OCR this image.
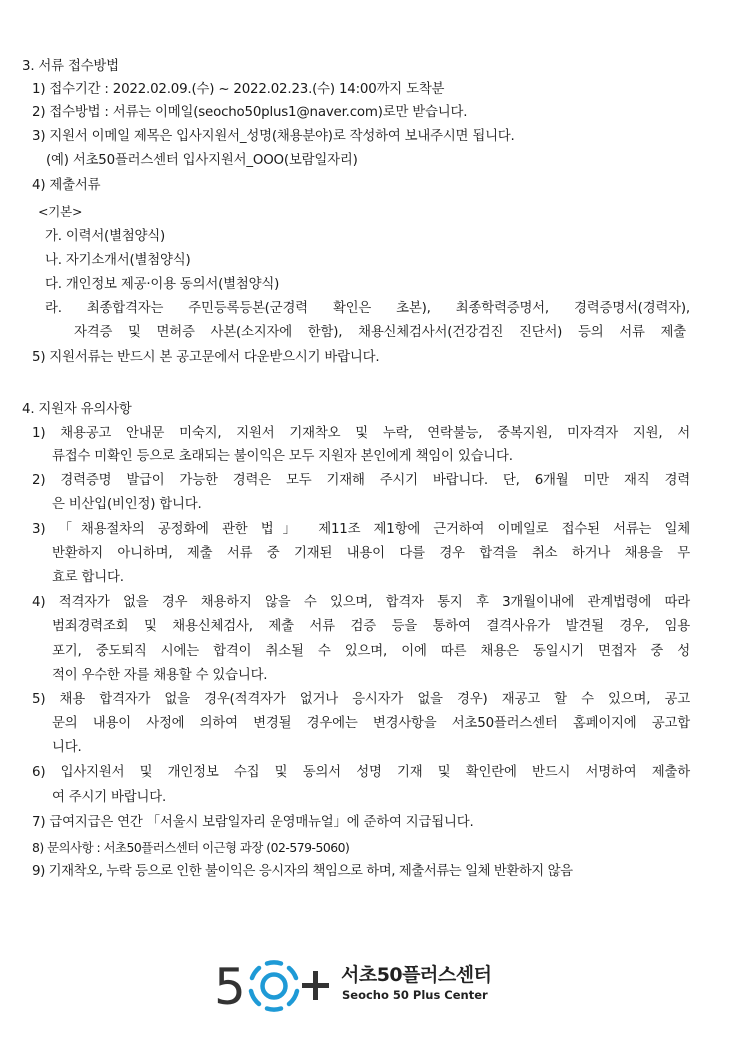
3. 서류 접수방법
1) 접수기간 : 2022.02.09.(수) ~ 2022.02.23.(수) 14:00까지 도착분
2) 접수방법 : 서류는 이메일(seocho50plus1@naver.com)로만 받습니다.
3) 지원서 이메일 제목은 입사지원서_성명(채용분야)로 작성하여 보내주시면 됩니다.
(예) 서초50플러스센터 입사지원서_OOO(보람일자리)
4) 제출서류
<기본>
가. 이력서(별첨양식)
나. 자기소개서(별첨양식)
다. 개인정보 제공·이용 동의서(별첨양식)
라. 최종합격자는 주민등록등본(군경력 확인은 초본), 최종학력증명서, 경력증명서(경력자),
자격증 및 면허증 사본(소지자에 한함), 채용신체검사서(건강검진 진단서) 등의 서류 제출
5) 지원서류는 반드시 본 공고문에서 다운받으시기 바랍니다.
4. 지원자 유의사항
1) 채용공고 안내문 미숙지, 지원서 기재착오 및 누락, 연락불능, 중복지원, 미자격자 지원, 서
류접수 미확인 등으로 초래되는 불이익은 모두 지원자 본인에게 책임이 있습니다.
2) 경력증명 발급이 가능한 경력은 모두 기재해 주시기 바랍니다. 단, 6개월 미만 재직 경력
은 비산입(비인정) 합니다.
3) 「채용절차의 공정화에 관한 법」 제11조 제1항에 근거하여 이메일로 접수된 서류는 일체
반환하지 아니하며, 제출 서류 중 기재된 내용이 다를 경우 합격을 취소 하거나 채용을 무
효로 합니다.
4) 적격자가 없을 경우 채용하지 않을 수 있으며, 합격자 통지 후 3개월이내에 관계법령에 따라
범죄경력조회 및 채용신체검사, 제출 서류 검증 등을 통하여 결격사유가 발견될 경우, 임용
포기, 중도퇴직 시에는 합격이 취소될 수 있으며, 이에 따른 채용은 동일시기 면접자 중 성
적이 우수한 자를 채용할 수 있습니다.
5) 채용 합격자가 없을 경우(적격자가 없거나 응시자가 없을 경우) 재공고 할 수 있으며, 공고
문의 내용이 사정에 의하여 변경될 경우에는 변경사항을 서초50플러스센터 홈페이지에 공고합
니다.
6) 입사지원서 및 개인정보 수집 및 동의서 성명 기재 및 확인란에 반드시 서명하여 제출하
여 주시기 바랍니다.
7) 급여지급은 연간 「서울시 보람일자리 운영매뉴얼」에 준하여 지급됩니다.
8) 문의사항 : 서초50플러스센터 이근형 과장 (02-579-5060)
9) 기재착오, 누락 등으로 인한 불이익은 응시자의 책임으로 하며, 제출서류는 일체 반환하지 않음
5	서초50플러스센터
Seocho 50 Plus Center
